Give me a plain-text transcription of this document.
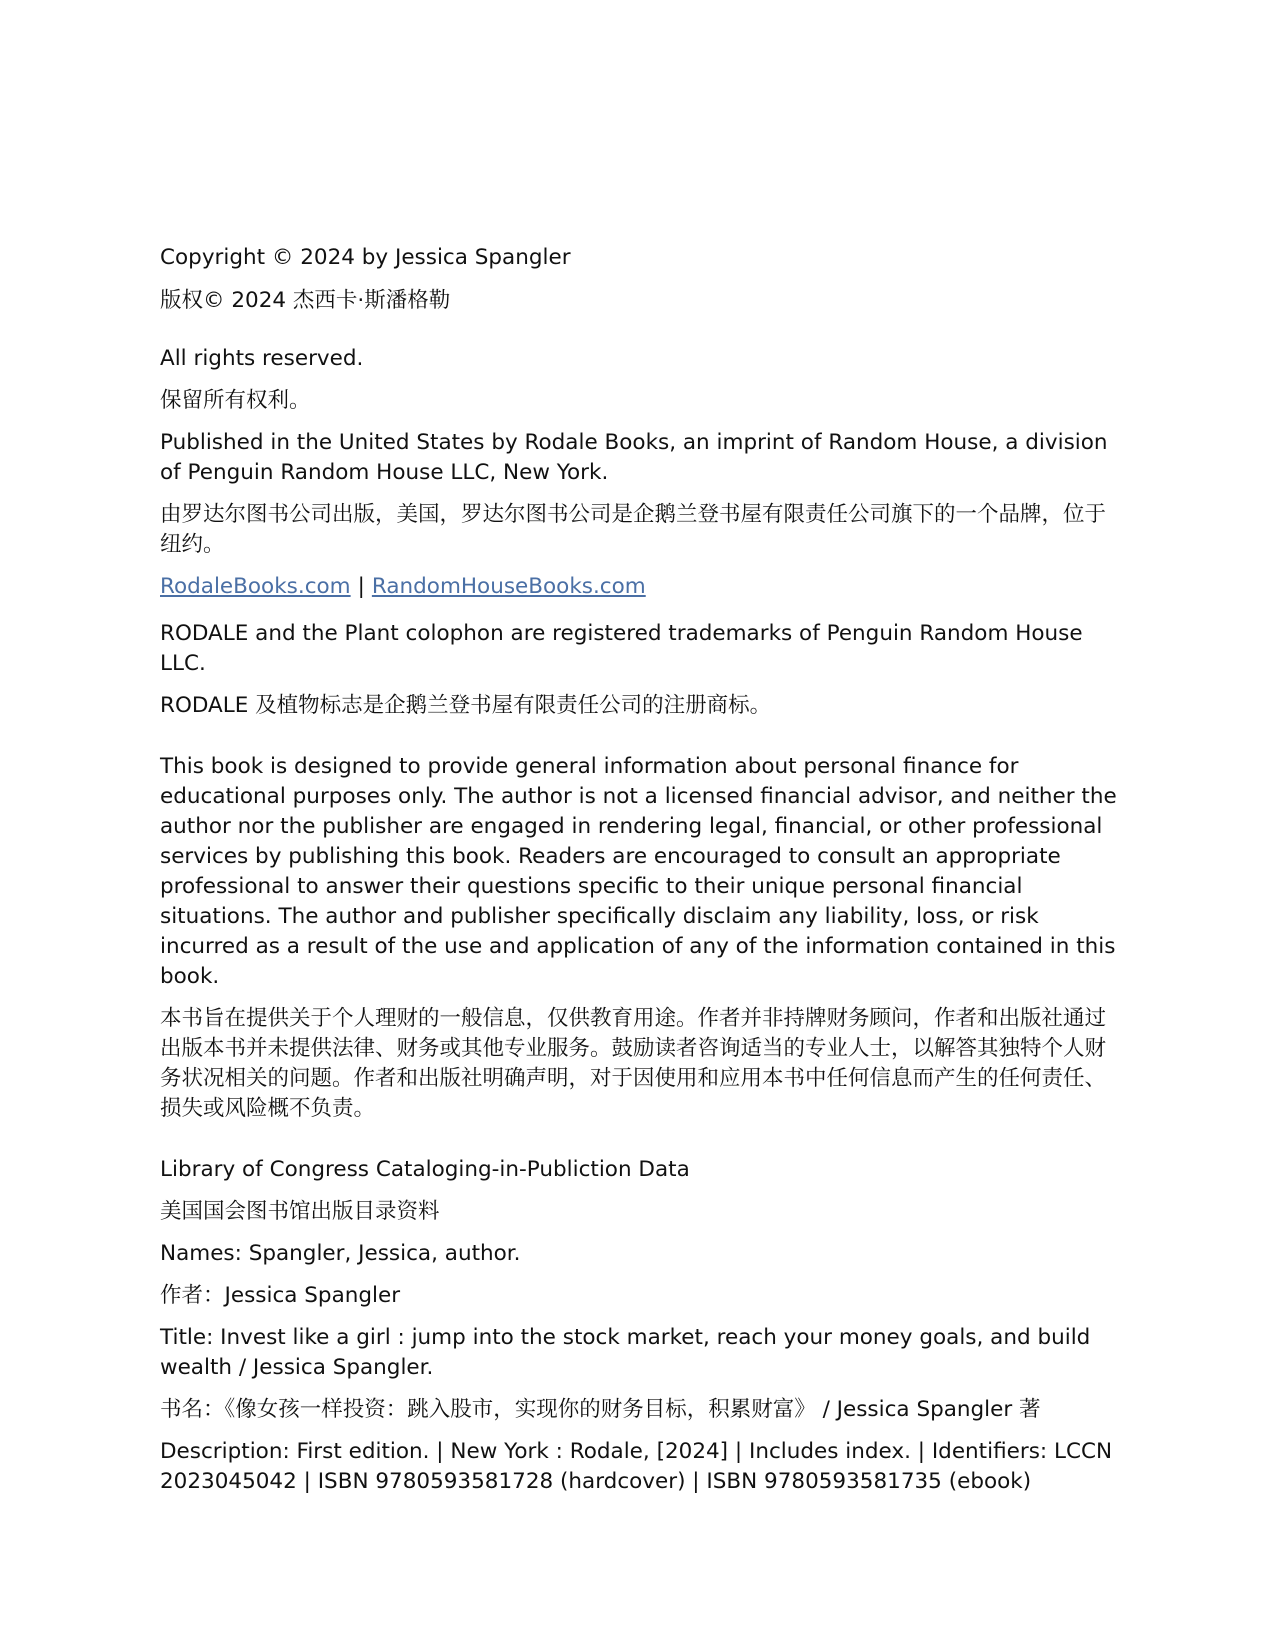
Copyright © 2024 by Jessica Spangler

版权© 2024 杰西卡·斯潘格勒

All rights reserved.

保留所有权利。

Published in the United States by Rodale Books, an imprint of Random House, a division of Penguin Random House LLC, New York.

由罗达尔图书公司出版，美国，罗达尔图书公司是企鹅兰登书屋有限责任公司旗下的一个品牌，位于纽约。

RodaleBooks.com | RandomHouseBooks.com

RODALE and the Plant colophon are registered trademarks of Penguin Random House LLC.

RODALE 及植物标志是企鹅兰登书屋有限责任公司的注册商标。

This book is designed to provide general information about personal finance for educational purposes only. The author is not a licensed financial advisor, and neither the author nor the publisher are engaged in rendering legal, financial, or other professional services by publishing this book. Readers are encouraged to consult an appropriate professional to answer their questions specific to their unique personal financial situations. The author and publisher specifically disclaim any liability, loss, or risk incurred as a result of the use and application of any of the information contained in this book.

本书旨在提供关于个人理财的一般信息，仅供教育用途。作者并非持牌财务顾问，作者和出版社通过出版本书并未提供法律、财务或其他专业服务。鼓励读者咨询适当的专业人士，以解答其独特个人财务状况相关的问题。作者和出版社明确声明，对于因使用和应用本书中任何信息而产生的任何责任、损失或风险概不负责。

Library of Congress Cataloging-in-Publiction Data

美国国会图书馆出版目录资料

Names: Spangler, Jessica, author.

作者：Jessica Spangler

Title: Invest like a girl : jump into the stock market, reach your money goals, and build wealth / Jessica Spangler.

书名：《像女孩一样投资：跳入股市，实现你的财务目标，积累财富》 / Jessica Spangler 著

Description: First edition. | New York : Rodale, [2024] | Includes index. | Identifiers: LCCN 2023045042 | ISBN 9780593581728 (hardcover) | ISBN 9780593581735 (ebook)
